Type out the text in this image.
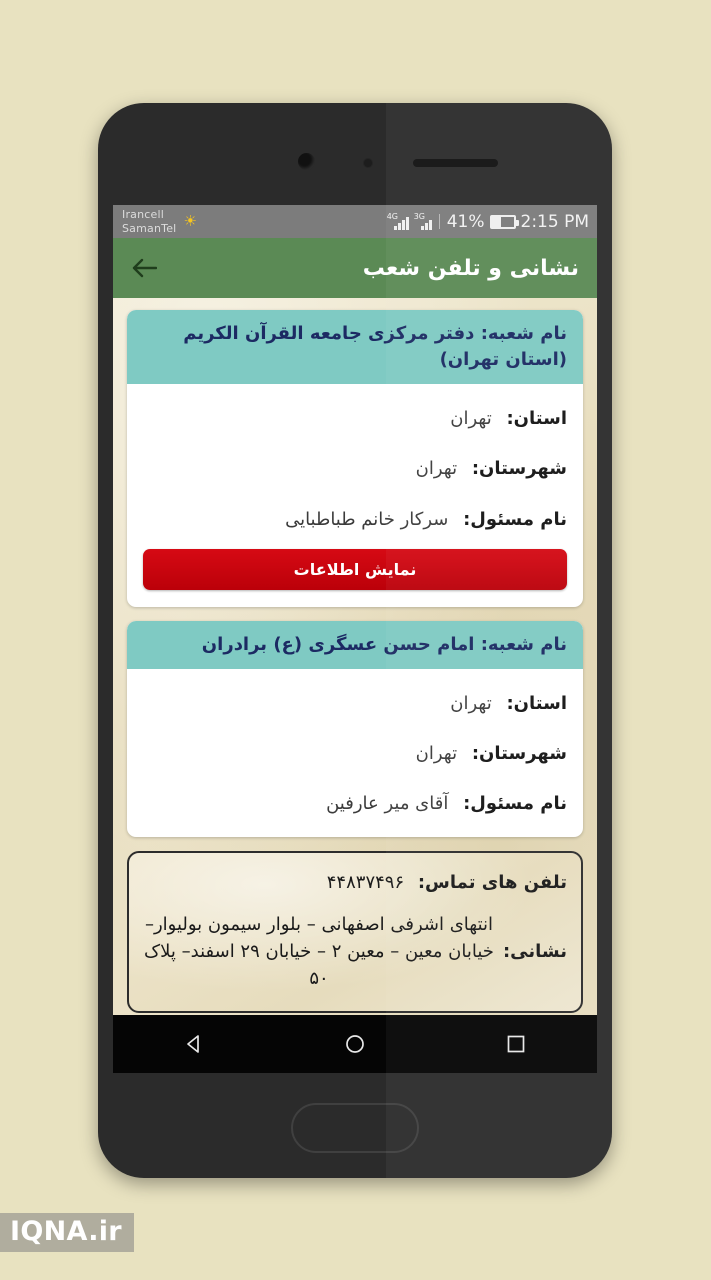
Irancell
SamanTel ☀	4G 3G 41% 2:15 PM
نشانی و تلفن شعب
نام شعبه: دفتر مرکزی جامعه القرآن الکریم (استان تهران)
استان: تهران
شهرستان: تهران
نام مسئول: سرکار خانم طباطبایی
نمایش اطلاعات
نام شعبه: امام حسن عسگری (ع) برادران
استان: تهران
شهرستان: تهران
نام مسئول: آقای میر عارفین
تلفن های تماس: ۴۴۸۳۷۴۹۶
نشانی:
انتهای اشرفی اصفهانی – بلوار سیمون بولیوار– خیابان معین – معین ۲ – خیابان ۲۹ اسفند– پلاک ۵۰
IQNA.ir
